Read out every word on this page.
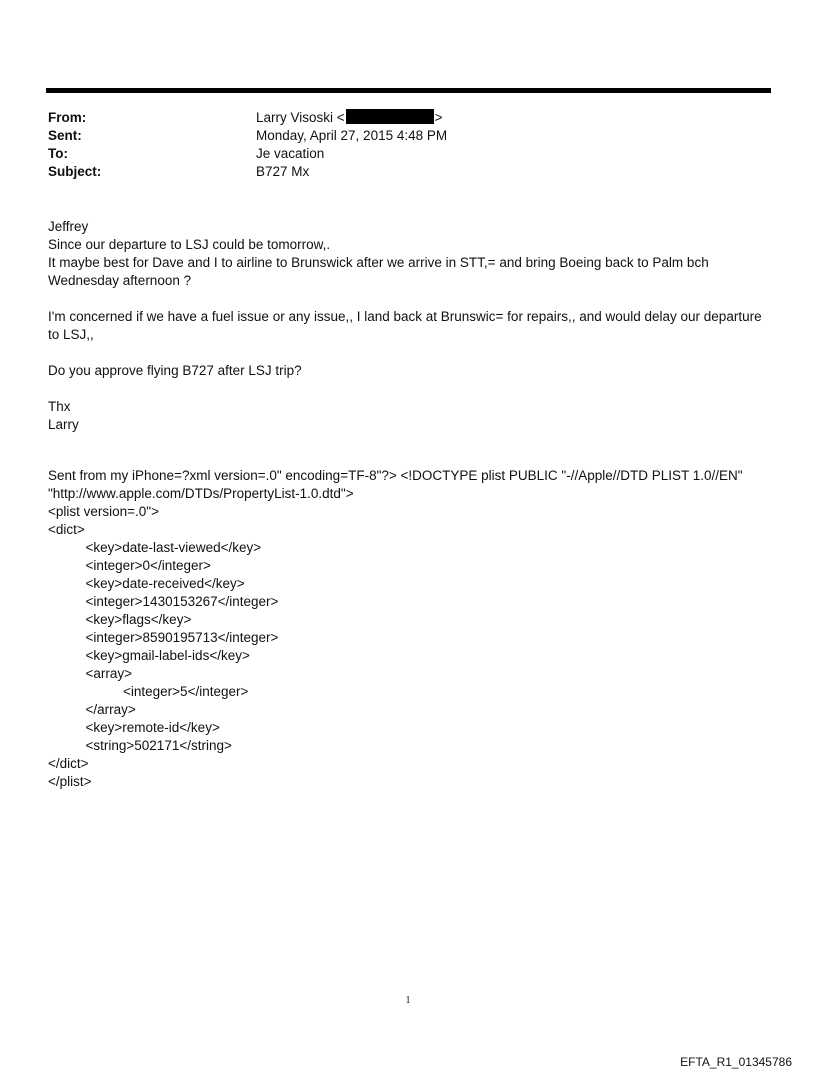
From:	Larry Visoski <	>
Sent:	Monday, April 27, 2015 4:48 PM
To:	Je vacation
Subject:	B727 Mx
Jeffrey
Since our departure to LSJ could be tomorrow,.
It maybe best for Dave and I to airline to Brunswick after we arrive in STT,= and bring Boeing back to Palm bch Wednesday afternoon ?

I'm concerned if we have a fuel issue or any issue,, I land back at Brunswic= for repairs,, and would delay our departure to LSJ,,

Do you approve flying B727 after LSJ trip?

Thx
Larry
Sent from my iPhone=?xml version=.0" encoding=TF-8"?> <!DOCTYPE plist PUBLIC "-//Apple//DTD PLIST 1.0//EN"
"http://www.apple.com/DTDs/PropertyList-1.0.dtd">
<plist version=.0">
<dict>
<key>date-last-viewed</key>
<integer>0</integer>
<key>date-received</key>
<integer>1430153267</integer>
<key>flags</key>
<integer>8590195713</integer>
<key>gmail-label-ids</key>
<array>
<integer>5</integer>
</array>
<key>remote-id</key>
<string>502171</string>
</dict>
</plist>
1
EFTA_R1_01345786
